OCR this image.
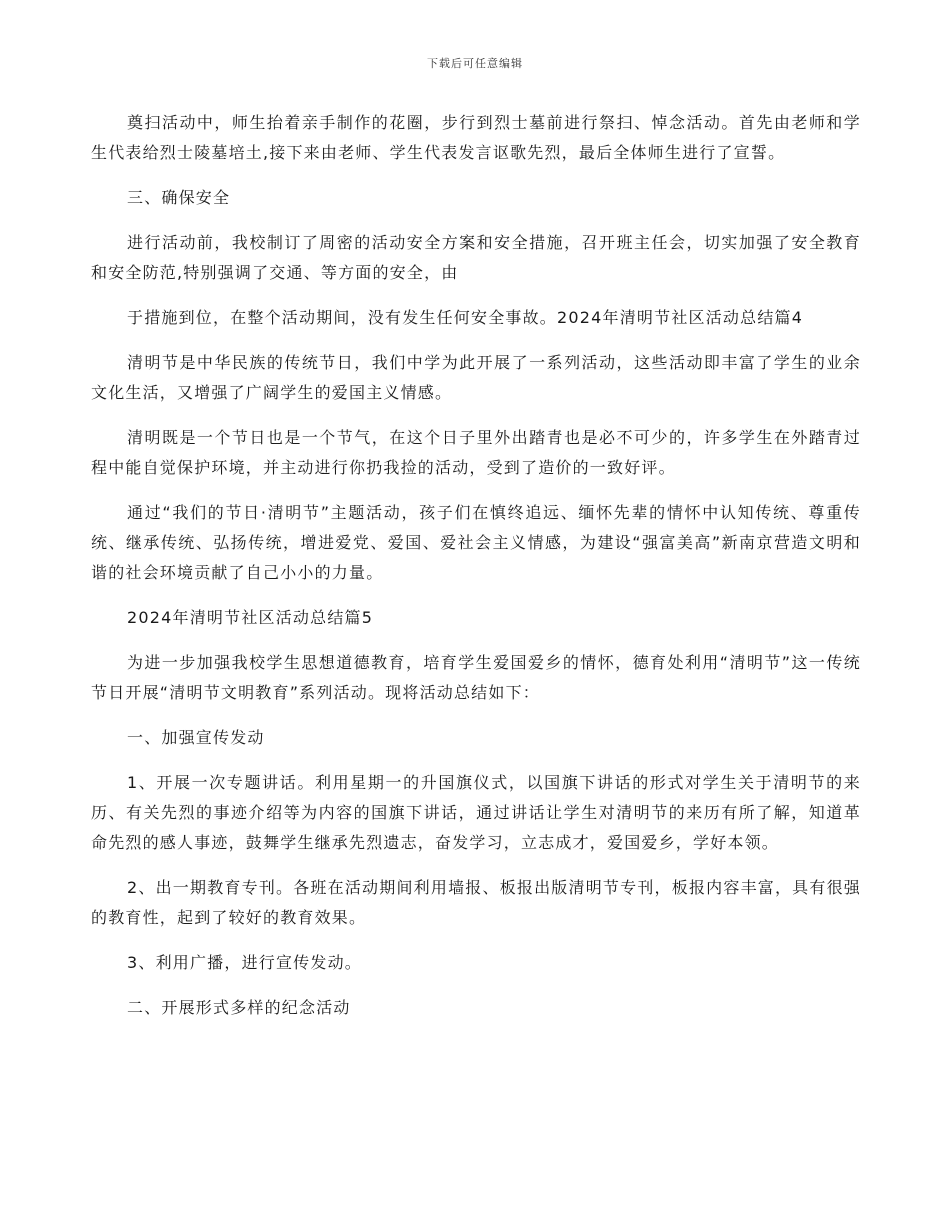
下载后可任意编辑

奠扫活动中，师生抬着亲手制作的花圈，步行到烈士墓前进行祭扫、悼念活动。首先由老师和学生代表给烈士陵墓培土,接下来由老师、学生代表发言讴歌先烈，最后全体师生进行了宣誓。

三、确保安全

进行活动前，我校制订了周密的活动安全方案和安全措施，召开班主任会，切实加强了安全教育和安全防范,特别强调了交通、等方面的安全，由

于措施到位，在整个活动期间，没有发生任何安全事故。2024年清明节社区活动总结篇4

清明节是中华民族的传统节日，我们中学为此开展了一系列活动，这些活动即丰富了学生的业余文化生活，又增强了广阔学生的爱国主义情感。

清明既是一个节日也是一个节气，在这个日子里外出踏青也是必不可少的，许多学生在外踏青过程中能自觉保护环境，并主动进行你扔我捡的活动，受到了造价的一致好评。

通过“我们的节日·清明节”主题活动，孩子们在慎终追远、缅怀先辈的情怀中认知传统、尊重传统、继承传统、弘扬传统，增进爱党、爱国、爱社会主义情感，为建设“强富美高”新南京营造文明和谐的社会环境贡献了自己小小的力量。

2024年清明节社区活动总结篇5

为进一步加强我校学生思想道德教育，培育学生爱国爱乡的情怀，德育处利用“清明节”这一传统节日开展“清明节文明教育”系列活动。现将活动总结如下：

一、加强宣传发动

1、开展一次专题讲话。利用星期一的升国旗仪式，以国旗下讲话的形式对学生关于清明节的来历、有关先烈的事迹介绍等为内容的国旗下讲话，通过讲话让学生对清明节的来历有所了解，知道革命先烈的感人事迹，鼓舞学生继承先烈遗志，奋发学习，立志成才，爱国爱乡，学好本领。

2、出一期教育专刊。各班在活动期间利用墙报、板报出版清明节专刊，板报内容丰富，具有很强的教育性，起到了较好的教育效果。

3、利用广播，进行宣传发动。

二、开展形式多样的纪念活动
